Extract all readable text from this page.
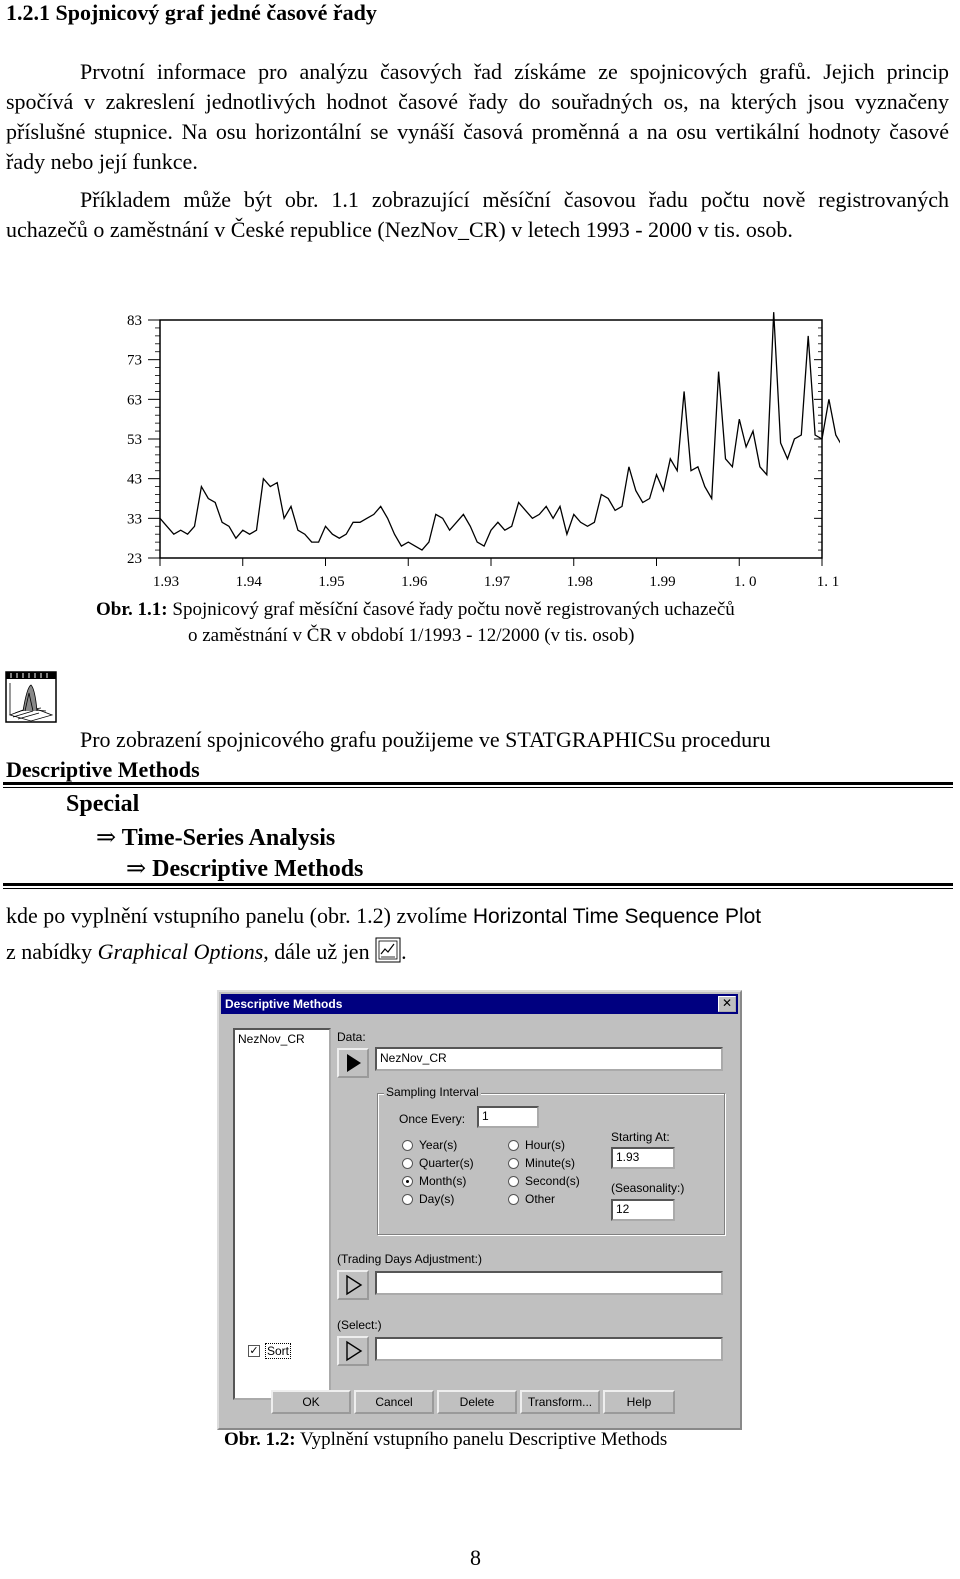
1.2.1 Spojnicový graf jedné časové řady

Prvotní informace pro analýzu časových řad získáme ze spojnicových grafů. Jejich princip spočívá v zakreslení jednotlivých hodnot časové řady do souřadných os, na kterých jsou vyznačeny příslušné stupnice. Na osu horizontální se vynáší časová proměnná a na osu vertikální hodnoty časové řady nebo její funkce.

Příkladem může být obr. 1.1 zobrazující měsíční časovou řadu počtu nově registrovaných uchazečů o zaměstnání v České republice (NezNov_CR) v letech 1993 - 2000 v tis. osob.

83
73
63
53
43
33
23
1.93	1.94	1.95	1.96	1.97	1.98	1.99	1. 0	1. 1
Obr. 1.1: Spojnicový graf měsíční časové řady počtu nově registrovaných uchazečů
o zaměstnání v ČR v období 1/1993 - 12/2000 (v tis. osob)

Pro zobrazení spojnicového grafu použijeme ve STATGRAPHICSu proceduru
Descriptive Methods

Special
⇒ Time-Series Analysis
⇒ Descriptive Methods

kde po vyplnění vstupního panelu (obr. 1.2) zvolíme Horizontal Time Sequence Plot
z nabídky Graphical Options, dále už jen .

Descriptive Methods	✕
NezNov_CR	Data:
NezNov_CR
Sampling Interval
Once Every:	1
Year(s)
Quarter(s)
Month(s)
Day(s)
Hour(s)
Minute(s)
Second(s)
Other
Starting At:
1.93
(Seasonality:)
12
(Trading Days Adjustment:)
(Select:)
✓ Sort
OK	Cancel	Delete	Transform...	Help
Obr. 1.2: Vyplnění vstupního panelu Descriptive Methods
8
